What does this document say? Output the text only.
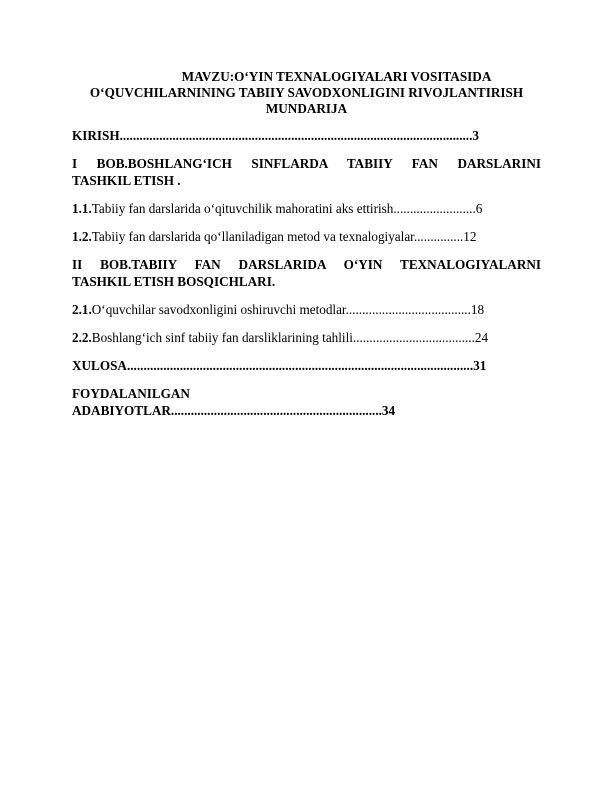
MAVZU:O‘YIN TEXNALOGIYALARI VOSITASIDA

O‘QUVCHILARNINING TABIIY SAVODXONLIGINI RIVOJLANTIRISH

MUNDARIJA

KIRISH...........................................................................................................3

I BOB.BOSHLANG‘ICH SINFLARDA TABIIY FAN DARSLARINI

TASHKIL ETISH .

1.1.Tabiiy fan darslarida o‘qituvchilik mahoratini aks ettirish.........................6
1.2.Tabiiy fan darslarida qo‘llaniladigan metod va texnalogiyalar...............12

II BOB.TABIIY FAN DARSLARIDA O‘YIN TEXNALOGIYALARNI

TASHKIL ETISH BOSQICHLARI.

2.1.O‘quvchilar savodxonligini oshiruvchi metodlar......................................18
2.2.Boshlang‘ich sinf tabiiy fan darsliklarining tahlili.....................................24
XULOSA.........................................................................................................31

FOYDALANILGAN

ADABIYOTLAR................................................................34
